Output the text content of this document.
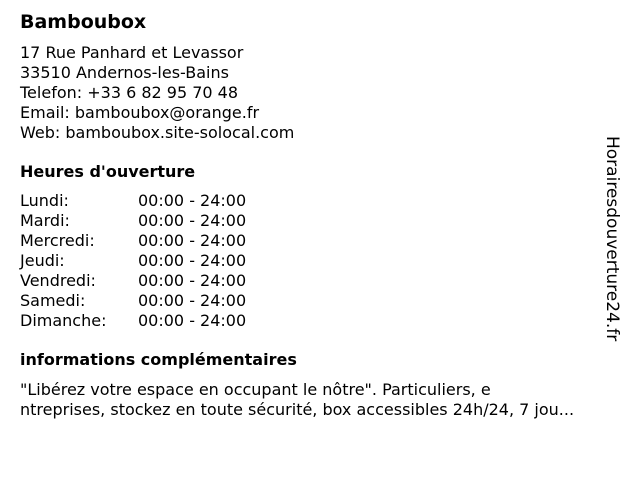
Bamboubox
17 Rue Panhard et Levassor
33510 Andernos-les-Bains
Telefon: +33 6 82 95 70 48
Email: bamboubox@orange.fr
Web: bamboubox.site-solocal.com
Heures d'ouverture
Lundi:	00:00 - 24:00
Mardi:	00:00 - 24:00
Mercredi:	00:00 - 24:00
Jeudi:	00:00 - 24:00
Vendredi:	00:00 - 24:00
Samedi:	00:00 - 24:00
Dimanche:	00:00 - 24:00
informations complémentaires
"Libérez votre espace en occupant le nôtre". Particuliers, e
ntreprises, stockez en toute sécurité, box accessibles 24h/24, 7 jou...
Horairesdouverture24.fr
